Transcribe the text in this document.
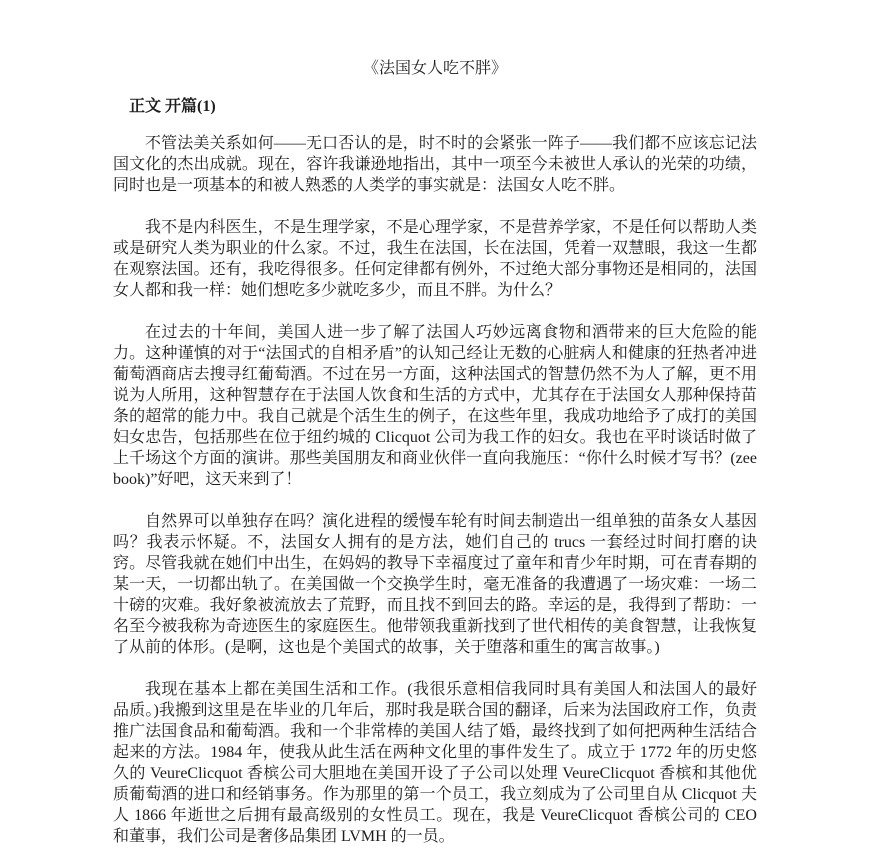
《法国女人吃不胖》
正文 开篇(1)

不管法美关系如何——无口否认的是，时不时的会紧张一阵子——我们都不应该忘记法国文化的杰出成就。现在，容许我谦逊地指出，其中一项至今未被世人承认的光荣的功绩，同时也是一项基本的和被人熟悉的人类学的事实就是：法国女人吃不胖。

我不是内科医生，不是生理学家，不是心理学家，不是营养学家，不是任何以帮助人类或是研究人类为职业的什么家。不过，我生在法国，长在法国，凭着一双慧眼，我这一生都在观察法国。还有，我吃得很多。任何定律都有例外，不过绝大部分事物还是相同的，法国女人都和我一样：她们想吃多少就吃多少，而且不胖。为什么？

在过去的十年间，美国人进一步了解了法国人巧妙远离食物和酒带来的巨大危险的能力。这种谨慎的对于“法国式的自相矛盾”的认知己经让无数的心脏病人和健康的狂热者冲进葡萄酒商店去搜寻红葡萄酒。不过在另一方面，这种法国式的智慧仍然不为人了解，更不用说为人所用，这种智慧存在于法国人饮食和生活的方式中，尤其存在于法国女人那种保持苗条的超常的能力中。我自己就是个活生生的例子，在这些年里，我成功地给予了成打的美国妇女忠告，包括那些在位于纽约城的 Clicquot 公司为我工作的妇女。我也在平时谈话时做了上千场这个方面的演讲。那些美国朋友和商业伙伴一直向我施压：“你什么时候才写书？(zeebook)”好吧，这天来到了！

自然界可以单独存在吗？演化进程的缓慢车轮有时间去制造出一组单独的苗条女人基因吗？我表示怀疑。不，法国女人拥有的是方法，她们自己的 trucs 一套经过时间打磨的诀窍。尽管我就在她们中出生，在妈妈的教导下幸福度过了童年和青少年时期，可在青春期的某一天，一切都出轨了。在美国做一个交换学生时，毫无准备的我遭遇了一场灾难：一场二十磅的灾难。我好象被流放去了荒野，而且找不到回去的路。幸运的是，我得到了帮助：一名至今被我称为奇迹医生的家庭医生。他带领我重新找到了世代相传的美食智慧，让我恢复了从前的体形。(是啊，这也是个美国式的故事，关于堕落和重生的寓言故事。)

我现在基本上都在美国生活和工作。(我很乐意相信我同时具有美国人和法国人的最好品质。)我搬到这里是在毕业的几年后，那时我是联合国的翻译，后来为法国政府工作，负责推广法国食品和葡萄酒。我和一个非常棒的美国人结了婚，最终找到了如何把两种生活结合起来的方法。1984 年，使我从此生活在两种文化里的事件发生了。成立于 1772 年的历史悠久的 VeureClicquot 香槟公司大胆地在美国开设了子公司以处理 VeureClicquot 香槟和其他优质葡萄酒的进口和经销事务。作为那里的第一个员工，我立刻成为了公司里自从 Clicquot 夫人 1866 年逝世之后拥有最高级别的女性员工。现在，我是 VeureClicquot 香槟公司的 CEO 和董事，我们公司是奢侈品集团 LVMH 的一员。
